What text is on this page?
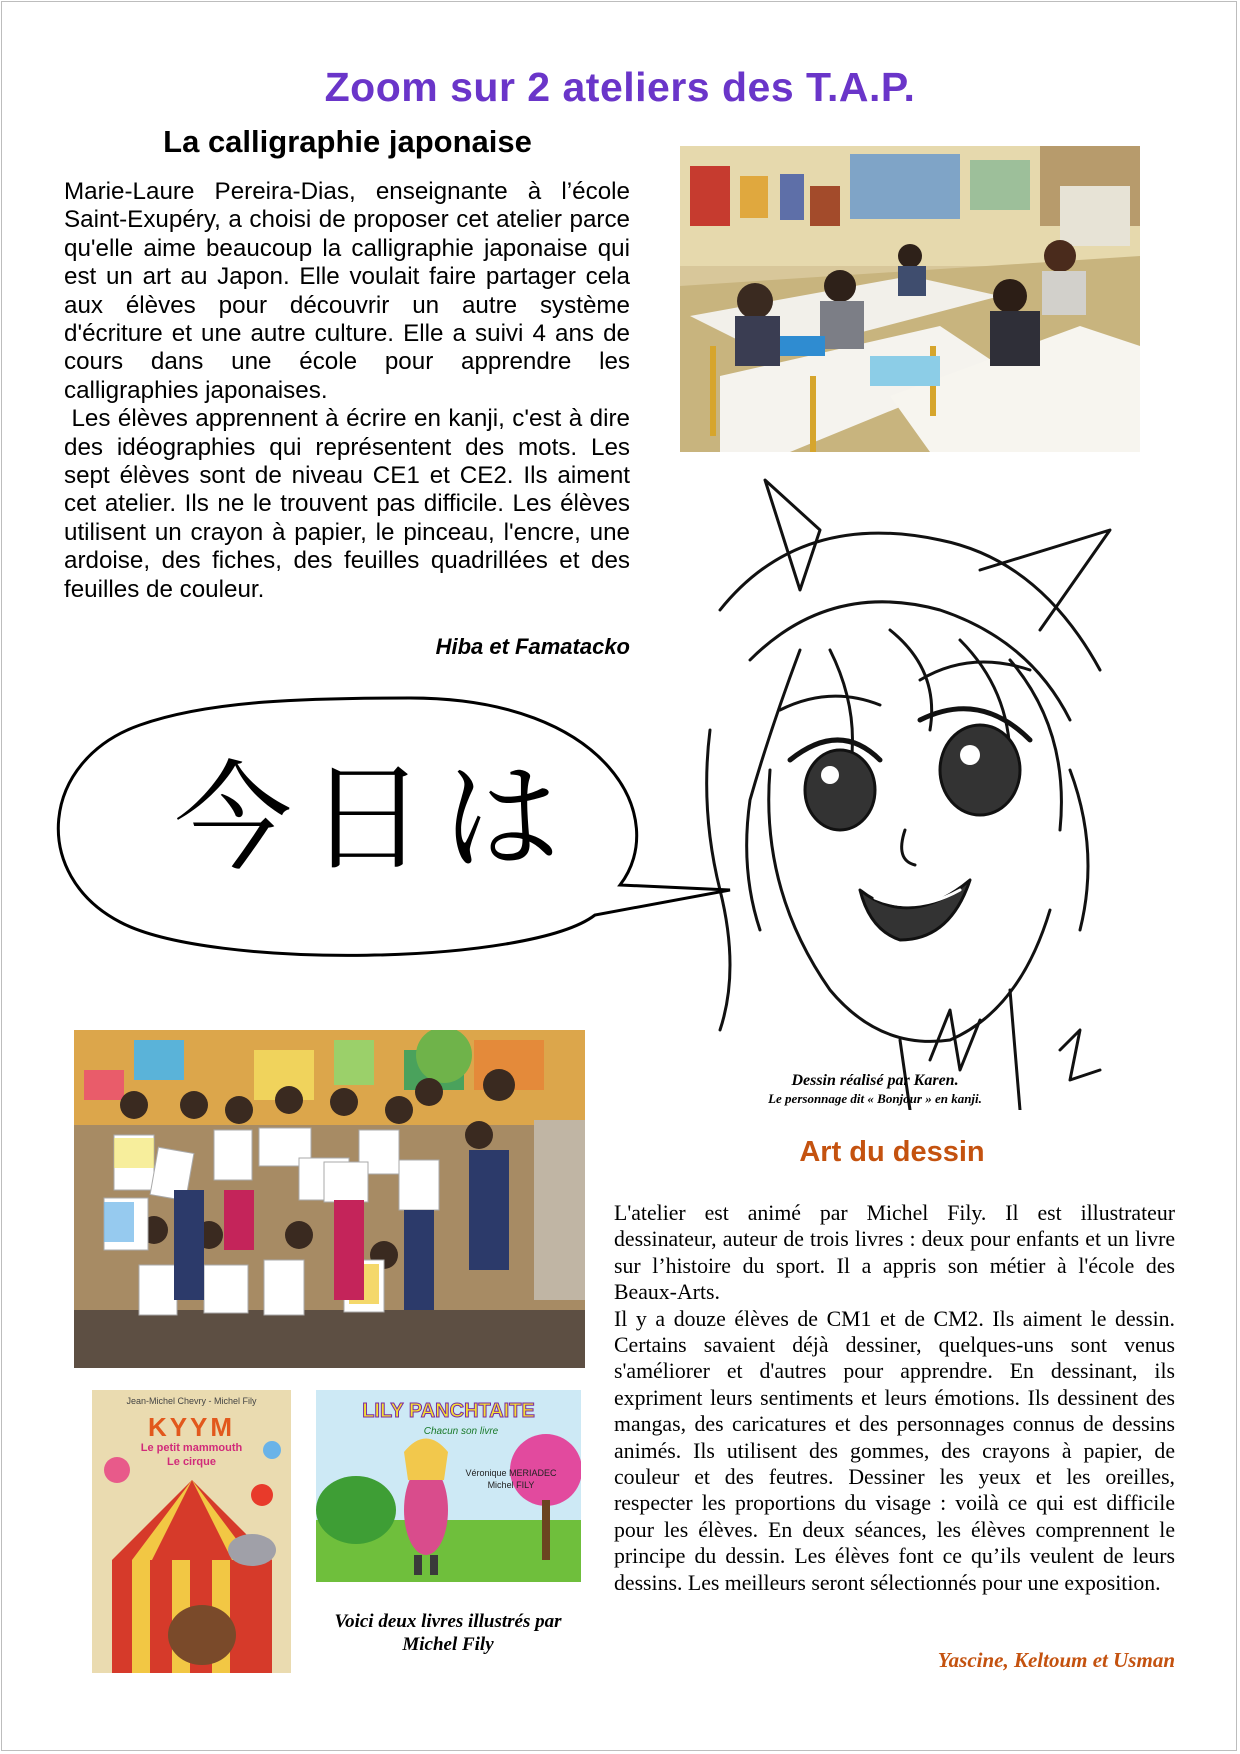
Zoom sur 2 ateliers des T.A.P.
La calligraphie japonaise

Marie-Laure Pereira-Dias, enseignante à l’école Saint-Exupéry, a choisi de proposer cet atelier parce qu'elle aime beaucoup la calligraphie japonaise qui est un art au Japon. Elle voulait faire partager cela aux élèves pour découvrir un autre système d'écriture et une autre culture. Elle a suivi 4 ans de cours dans une école pour apprendre les calligraphies japonaises.

Les élèves apprennent à écrire en kanji, c'est à dire des idéographies qui représentent des mots. Les sept élèves sont de niveau CE1 et CE2. Ils aiment cet atelier. Ils ne le trouvent pas difficile. Les élèves utilisent un crayon à papier, le pinceau, l'encre, une ardoise, des fiches, des feuilles quadrillées et des feuilles de couleur.

Hiba et Famatacko
今日は
Dessin réalisé par Karen.
Le personnage dit « Bonjour » en kanji.
Jean-Michel Chevry - Michel Fily
KYYM
Le petit mammouth
Le cirque
LILY PANCHTAITE
Chacun son livre
Véronique MERIADEC
Michel FILY
Voici deux livres illustrés par Michel Fily
Art du dessin

L'atelier est animé par Michel Fily. Il est illustrateur dessinateur, auteur de trois livres : deux pour enfants et un livre sur l’histoire du sport. Il a appris son métier à l'école des Beaux-Arts.

Il y a douze élèves de CM1 et de CM2. Ils aiment le dessin. Certains savaient déjà dessiner, quelques-uns sont venus s'améliorer et d'autres pour apprendre. En dessinant, ils expriment leurs sentiments et leurs émotions. Ils dessinent des mangas, des caricatures et des personnages connus de dessins animés. Ils utilisent des gommes, des crayons à papier, de couleur et des feutres. Dessiner les yeux et les oreilles,  respecter les proportions du visage : voilà ce qui est difficile pour les élèves. En deux séances, les élèves comprennent le principe du dessin. Les élèves font ce qu’ils veulent de leurs dessins. Les meilleurs seront sélectionnés pour une exposition.

Yascine, Keltoum et Usman
